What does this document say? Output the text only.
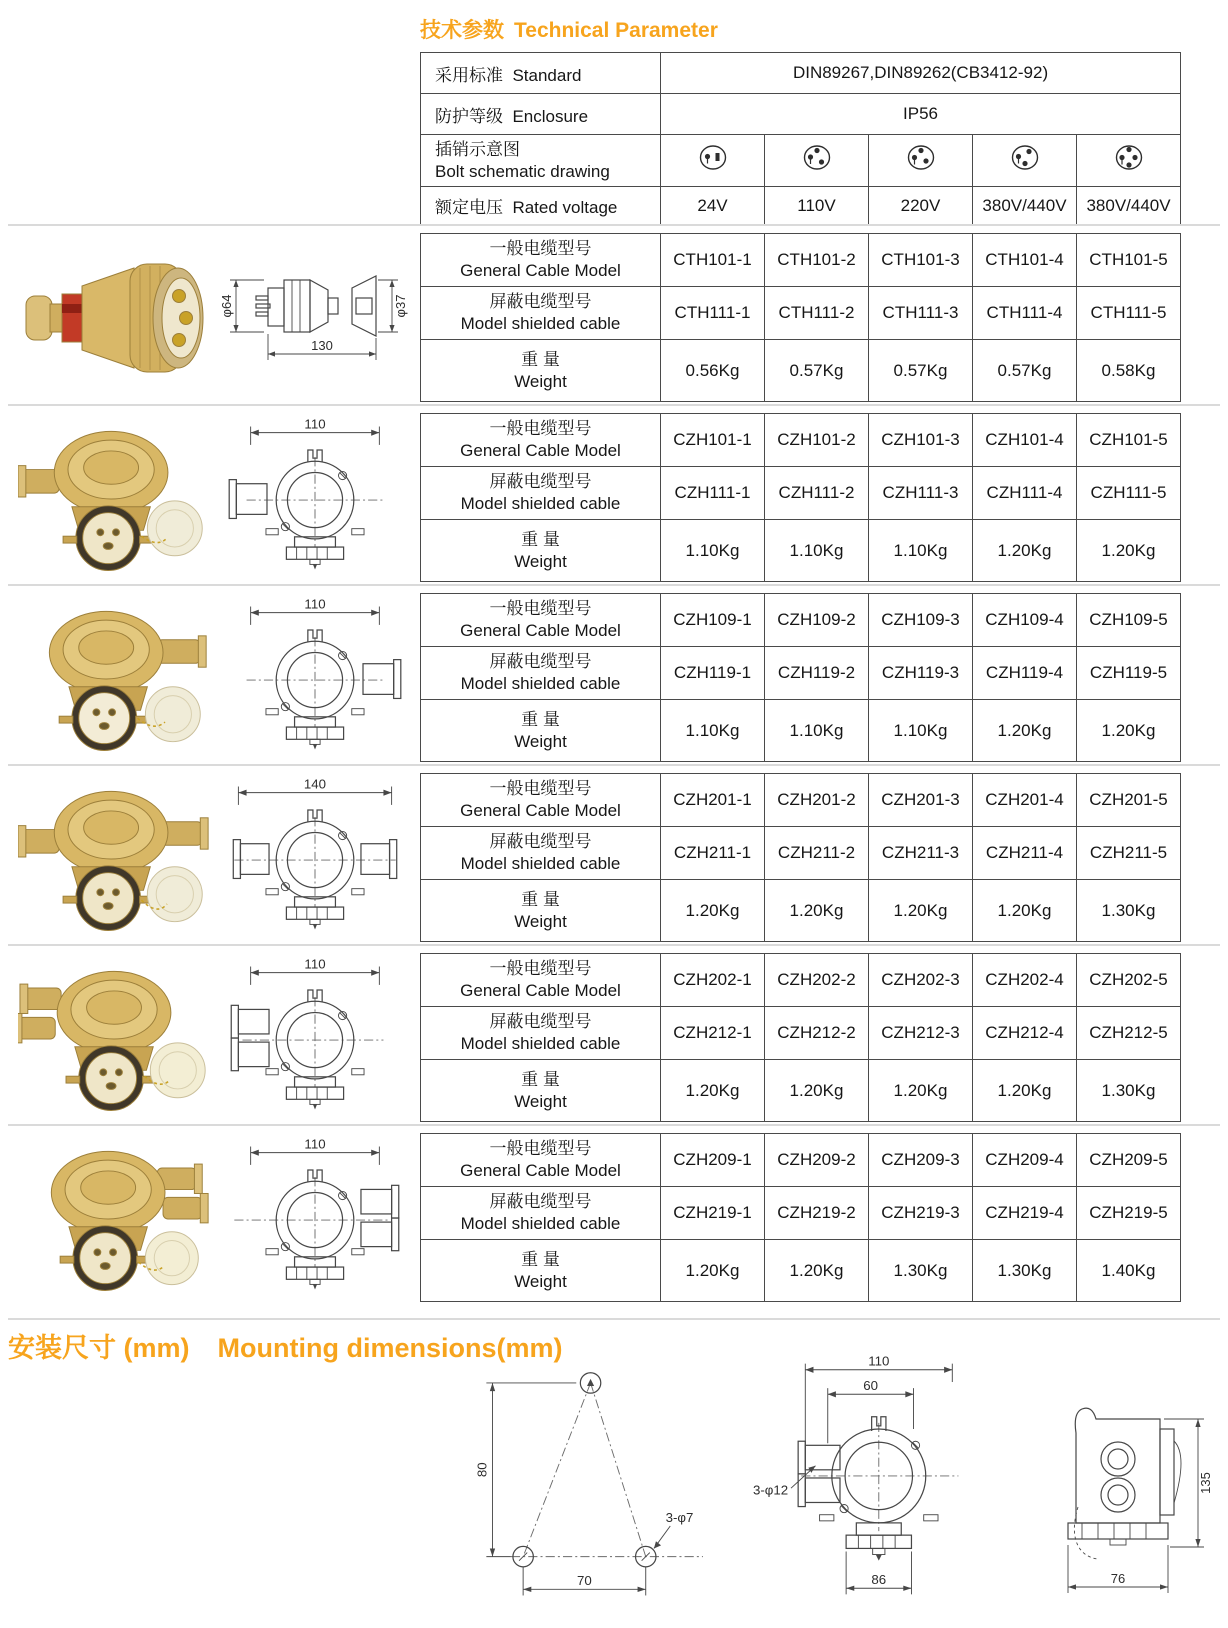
技术参数 Technical Parameter
采用标准 Standard	DIN89267,DIN89262(CB3412-92)				
防护等级 Enclosure	IP56				

插销示意图
Bolt schematic drawing

额定电压 Rated voltage	24V	110V	220V	380V/440V	380V/440V
φ64	φ37
130
一般电缆型号
General Cable Model	CTH101-1	CTH101-2	CTH101-3	CTH101-4	CTH101-5

屏蔽电缆型号
Model shielded cable	CTH111-1	CTH111-2	CTH111-3	CTH111-4	CTH111-5

重 量
Weight	0.56Kg	0.57Kg	0.57Kg	0.57Kg	0.58Kg
110	一般电缆型号
General Cable Model	CZH101-1	CZH101-2	CZH101-3	CZH101-4	CZH101-5

屏蔽电缆型号
Model shielded cable	CZH111-1	CZH111-2	CZH111-3	CZH111-4	CZH111-5

重 量
Weight	1.10Kg	1.10Kg	1.10Kg	1.20Kg	1.20Kg
110	一般电缆型号
General Cable Model	CZH109-1	CZH109-2	CZH109-3	CZH109-4	CZH109-5

屏蔽电缆型号
Model shielded cable	CZH119-1	CZH119-2	CZH119-3	CZH119-4	CZH119-5

重 量
Weight	1.10Kg	1.10Kg	1.10Kg	1.20Kg	1.20Kg
140	一般电缆型号
General Cable Model	CZH201-1	CZH201-2	CZH201-3	CZH201-4	CZH201-5

屏蔽电缆型号
Model shielded cable	CZH211-1	CZH211-2	CZH211-3	CZH211-4	CZH211-5

重 量
Weight	1.20Kg	1.20Kg	1.20Kg	1.20Kg	1.30Kg
110	一般电缆型号
General Cable Model	CZH202-1	CZH202-2	CZH202-3	CZH202-4	CZH202-5

屏蔽电缆型号
Model shielded cable	CZH212-1	CZH212-2	CZH212-3	CZH212-4	CZH212-5

重 量
Weight	1.20Kg	1.20Kg	1.20Kg	1.20Kg	1.30Kg
110	一般电缆型号
General Cable Model	CZH209-1	CZH209-2	CZH209-3	CZH209-4	CZH209-5

屏蔽电缆型号
Model shielded cable	CZH219-1	CZH219-2	CZH219-3	CZH219-4	CZH219-5

重 量
Weight	1.20Kg	1.20Kg	1.30Kg	1.30Kg	1.40Kg
安装尺寸 (mm) Mounting dimensions(mm)
80
70
3-φ7
110
60
3-φ12
86
135
76
